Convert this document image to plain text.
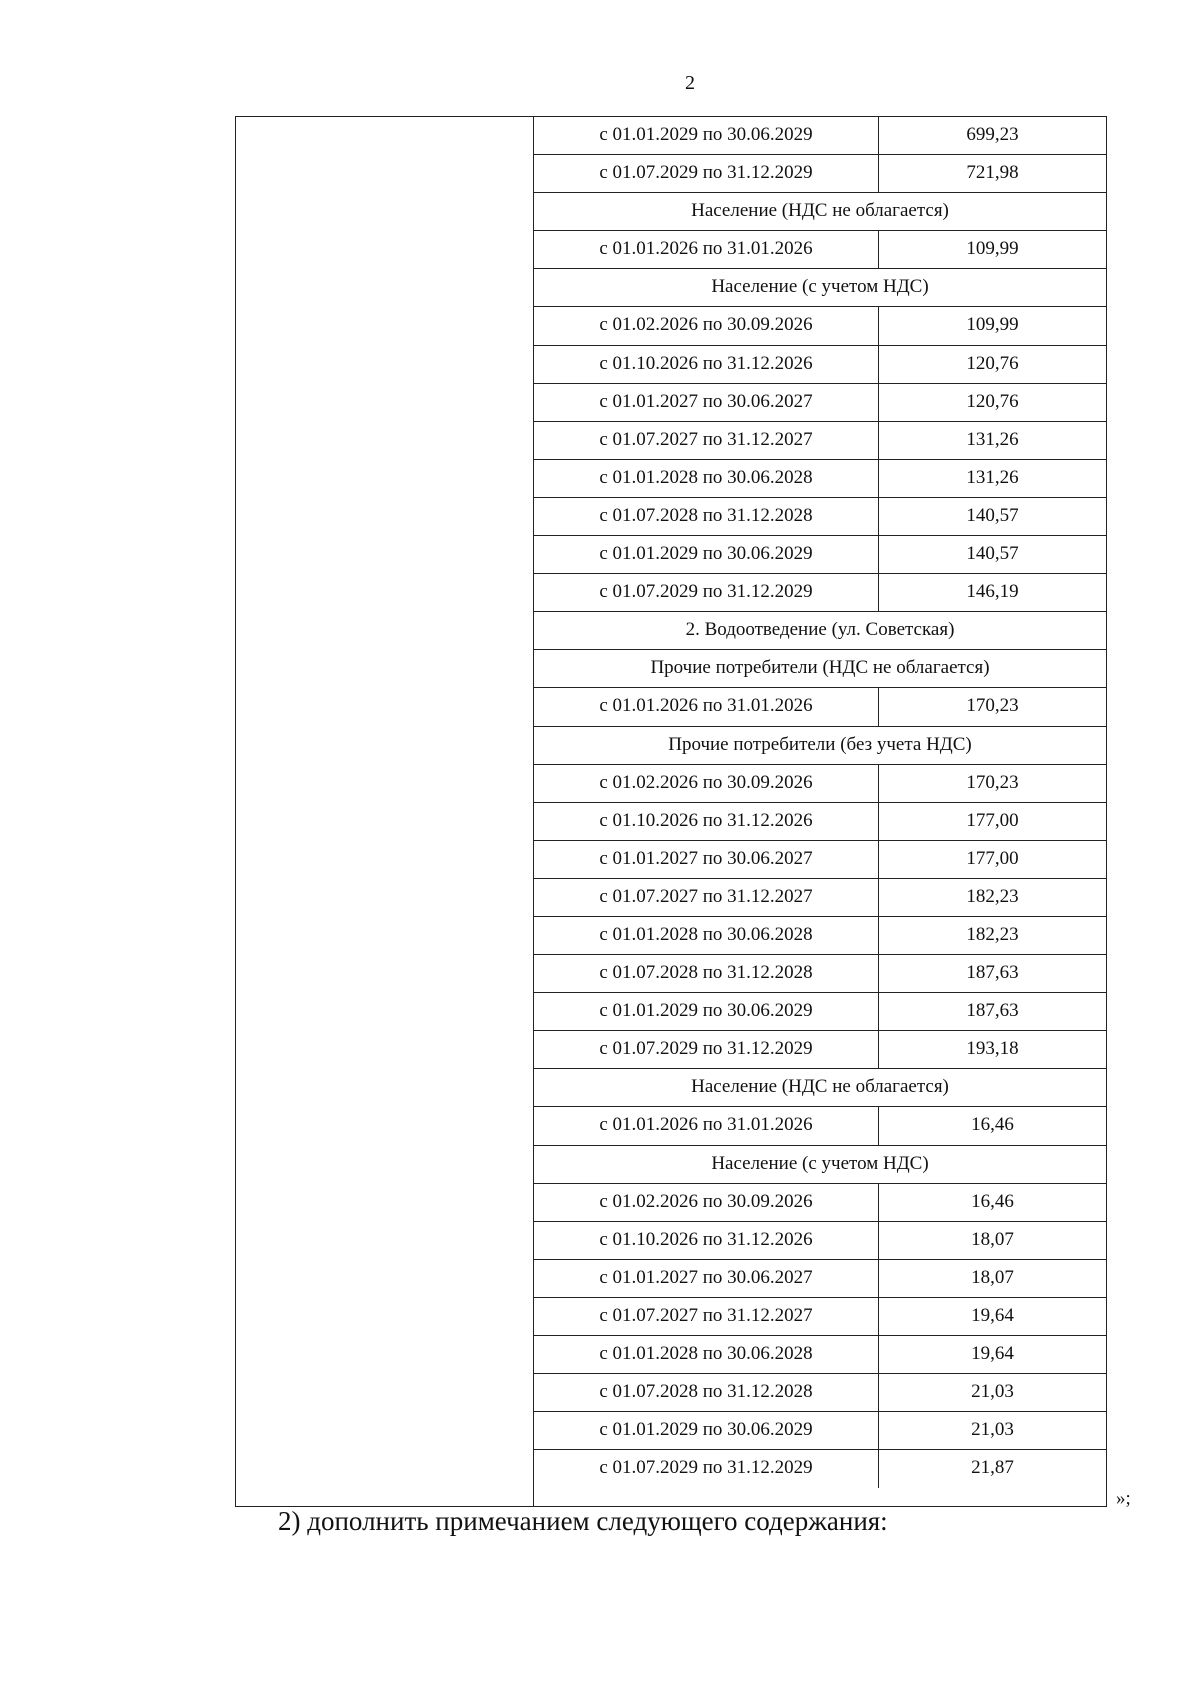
2
с 01.01.2029 по 30.06.2029	699,23
с 01.07.2029 по 31.12.2029	721,98
Население (НДС не облагается)
с 01.01.2026 по 31.01.2026	109,99
Население (с учетом НДС)
с 01.02.2026 по 30.09.2026	109,99
с 01.10.2026 по 31.12.2026	120,76
с 01.01.2027 по 30.06.2027	120,76
с 01.07.2027 по 31.12.2027	131,26
с 01.01.2028 по 30.06.2028	131,26
с 01.07.2028 по 31.12.2028	140,57
с 01.01.2029 по 30.06.2029	140,57
с 01.07.2029 по 31.12.2029	146,19
2. Водоотведение (ул. Советская)
Прочие потребители (НДС не облагается)
с 01.01.2026 по 31.01.2026	170,23
Прочие потребители (без учета НДС)
с 01.02.2026 по 30.09.2026	170,23
с 01.10.2026 по 31.12.2026	177,00
с 01.01.2027 по 30.06.2027	177,00
с 01.07.2027 по 31.12.2027	182,23
с 01.01.2028 по 30.06.2028	182,23
с 01.07.2028 по 31.12.2028	187,63
с 01.01.2029 по 30.06.2029	187,63
с 01.07.2029 по 31.12.2029	193,18
Население (НДС не облагается)
с 01.01.2026 по 31.01.2026	16,46
Население (с учетом НДС)
с 01.02.2026 по 30.09.2026	16,46
с 01.10.2026 по 31.12.2026	18,07
с 01.01.2027 по 30.06.2027	18,07
с 01.07.2027 по 31.12.2027	19,64
с 01.01.2028 по 30.06.2028	19,64
с 01.07.2028 по 31.12.2028	21,03
с 01.01.2029 по 30.06.2029	21,03
с 01.07.2029 по 31.12.2029	21,87
»;
2) дополнить примечанием следующего содержания:
